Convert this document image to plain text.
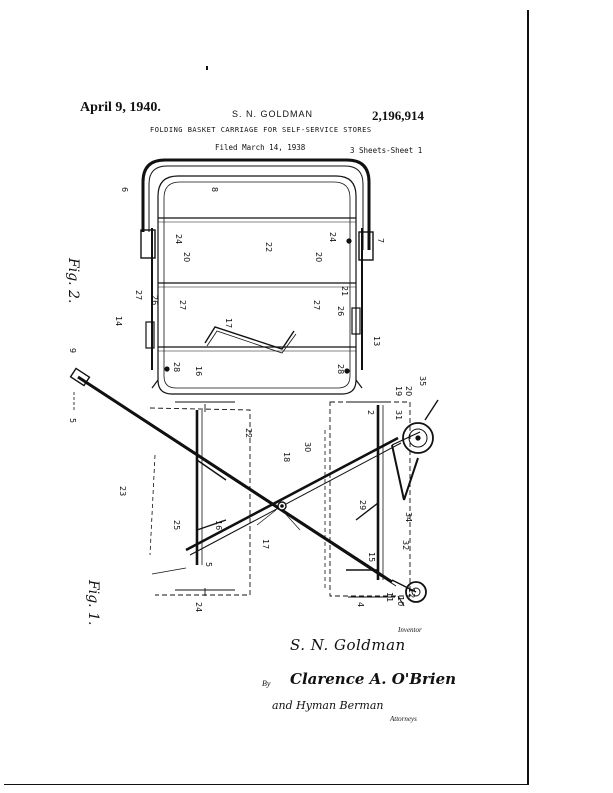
April 9, 1940.	S. N. GOLDMAN	2,196,914
FOLDING BASKET CARRIAGE FOR SELF-SERVICE STORES
Filed March 14, 1938	3 Sheets-Sheet 1
6	8
7
24
22
20
24
20
21
27 26 27	27
26
14	17
13
16
28	28
9
5
19 20
35
31
30
18
17
12
10
11
24
23
25	16
29
34
32
15
22
2
4
5
Fig. 2.
Fig. 1.
Inventor
S. N. Goldman
By Clarence A. O'Brien
and Hyman Berman
Attorneys
